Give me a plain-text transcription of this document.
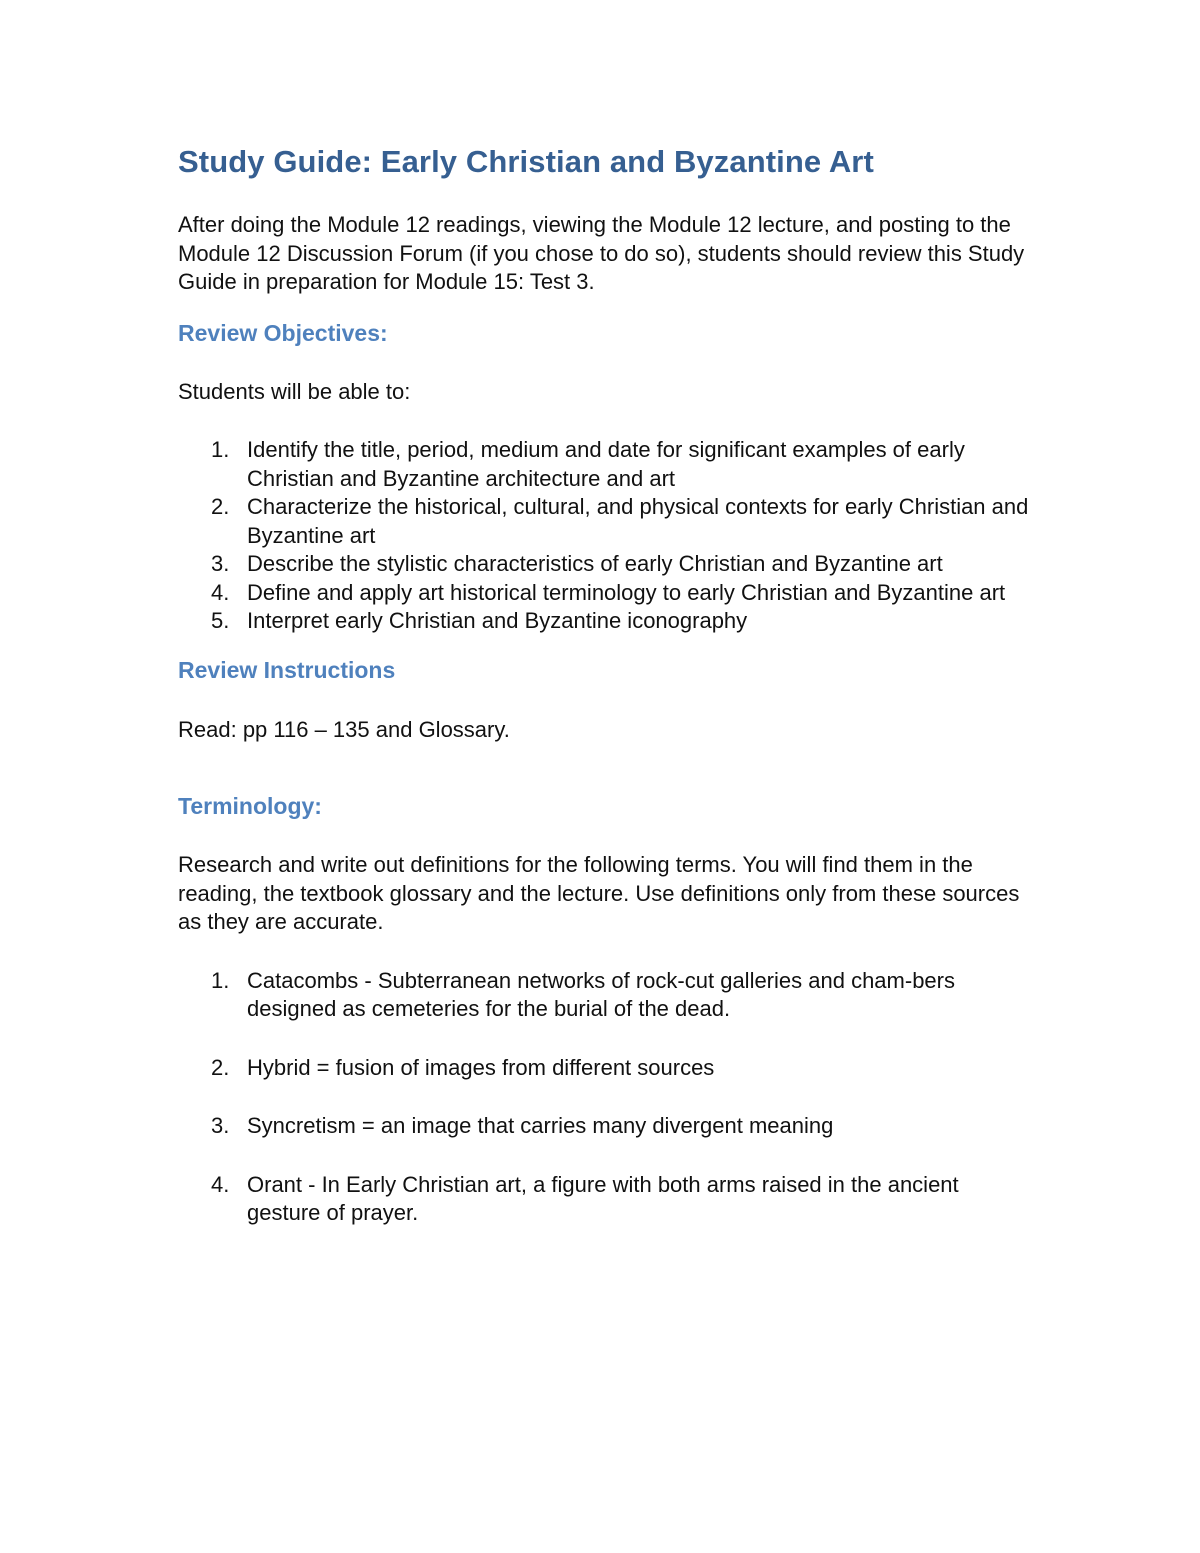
Study Guide: Early Christian and Byzantine Art

After doing the Module 12 readings, viewing the Module 12 lecture, and posting to the Module 12 Discussion Forum (if you chose to do so), students should review this Study Guide in preparation for Module 15: Test 3.

Review Objectives:

Students will be able to:

1. Identify the title, period, medium and date for significant examples of early Christian and Byzantine architecture and art
2. Characterize the historical, cultural, and physical contexts for early Christian and Byzantine art
3. Describe the stylistic characteristics of early Christian and Byzantine art
4. Define and apply art historical terminology to early Christian and Byzantine art
5. Interpret early Christian and Byzantine iconography
Review Instructions

Read: pp 116 – 135 and Glossary.

Terminology:

Research and write out definitions for the following terms. You will find them in the reading, the textbook glossary and the lecture. Use definitions only from these sources as they are accurate.

1. Catacombs - Subterranean networks of rock-cut galleries and cham-bers designed as cemeteries for the burial of the dead.
2. Hybrid = fusion of images from different sources
3. Syncretism = an image that carries many divergent meaning
4. Orant - In Early Christian art, a figure with both arms raised in the ancient gesture of prayer.
